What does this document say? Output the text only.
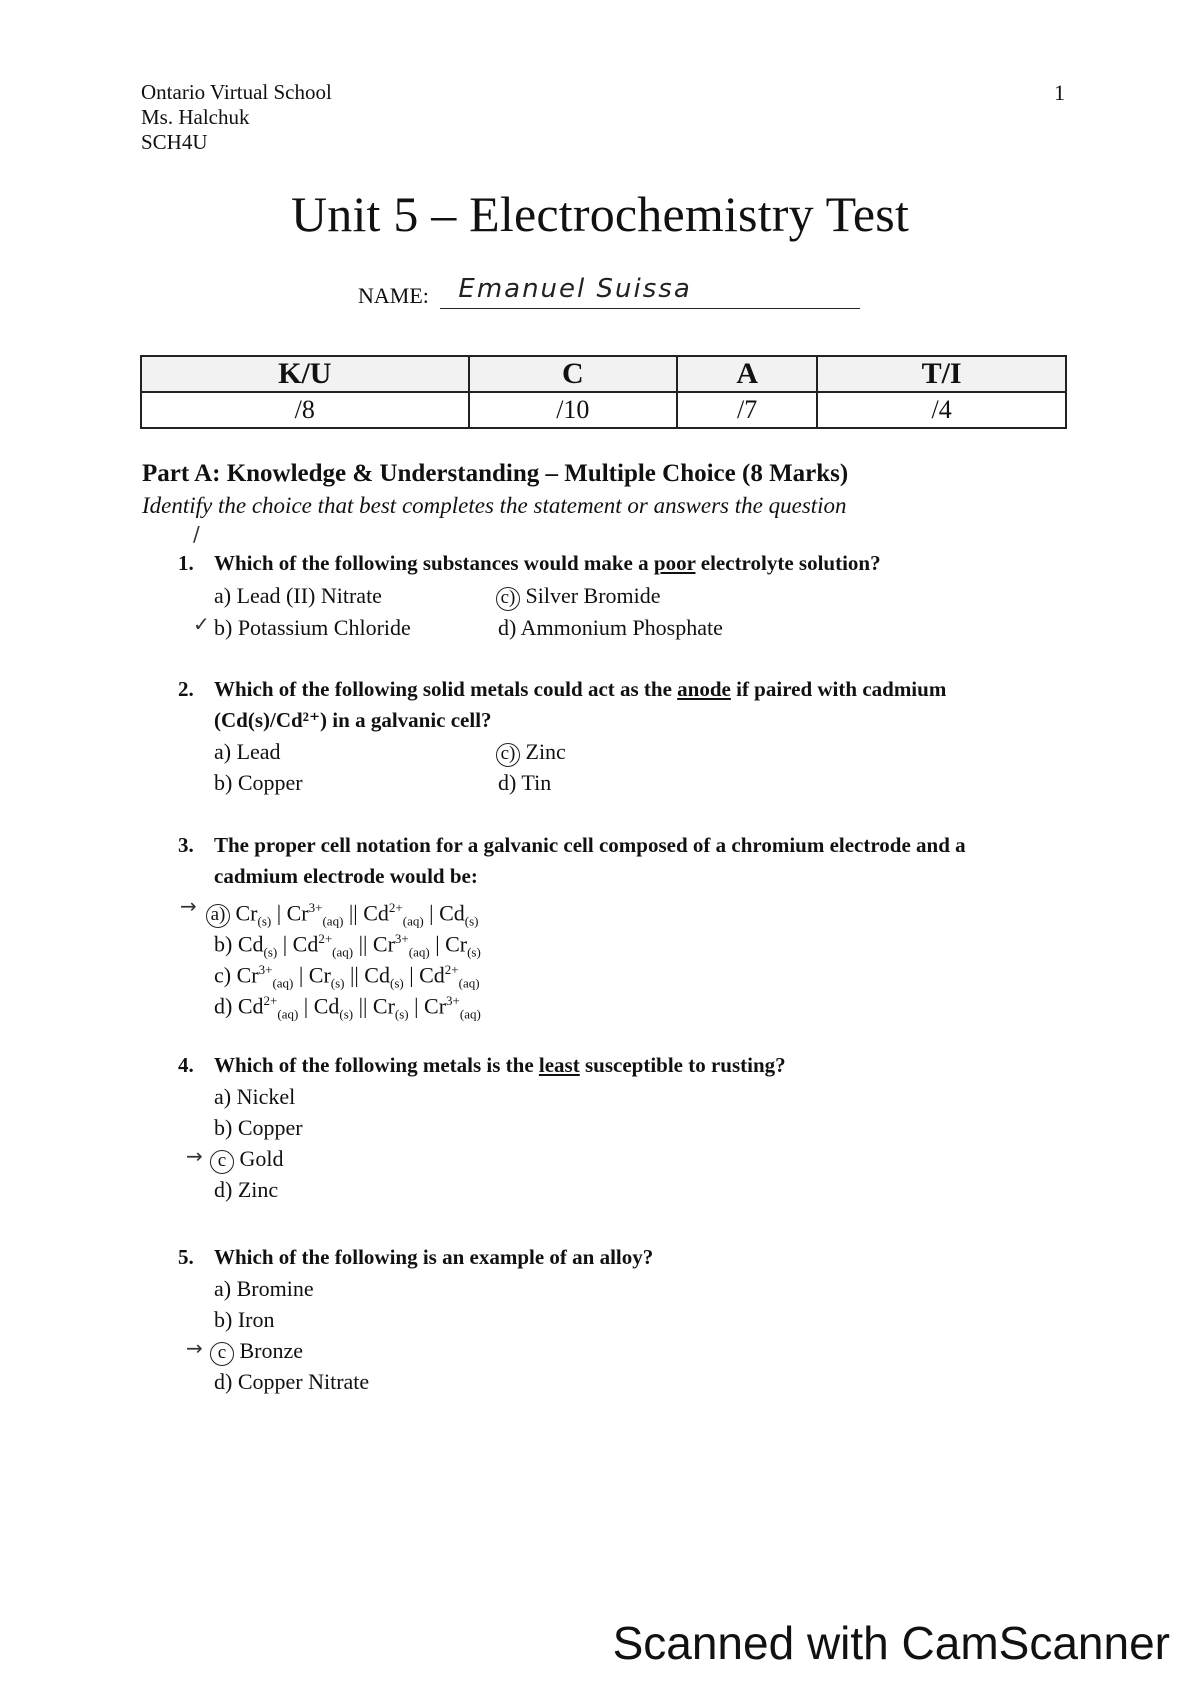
Ontario Virtual School
Ms. Halchuk
SCH4U
1
Unit 5 – Electrochemistry Test
NAME: Emanuel Suissa
K/U	C	A	T/I
/8	/10	/7	/4
Part A: Knowledge & Understanding – Multiple Choice (8 Marks)
Identify the choice that best completes the statement or answers the question
/
1. Which of the following substances would make a poor electrolyte solution?
a) Lead (II) Nitrate	c) Silver Bromide
✓ b) Potassium Chloride	d) Ammonium Phosphate
2. Which of the following solid metals could act as the anode if paired with cadmium
(Cd(s)/Cd²⁺) in a galvanic cell?
a) Lead	c) Zinc
b) Copper	d) Tin
3. The proper cell notation for a galvanic cell composed of a chromium electrode and a
cadmium electrode would be:
→ a) $Cr_{(s)}$ | $Cr^{3+}_{(aq)}$ || $Cd^{2+}_{(aq)}$ | $Cd_{(s)}$
b) $Cd_{(s)}$ | $Cd^{2+}_{(aq)}$ || $Cr^{3+}_{(aq)}$ | $Cr_{(s)}$
c) $Cr^{3+}_{(aq)}$ | $Cr_{(s)}$ || $Cd_{(s)}$ | $Cd^{2+}_{(aq)}$
d) $Cd^{2+}_{(aq)}$ | $Cd_{(s)}$ || $Cr_{(s)}$ | $Cr^{3+}_{(aq)}$
4. Which of the following metals is the least susceptible to rusting?
a) Nickel
b) Copper
→ c Gold
d) Zinc
5. Which of the following is an example of an alloy?
a) Bromine
b) Iron
→ c Bronze
d) Copper Nitrate
Scanned with CamScanner
